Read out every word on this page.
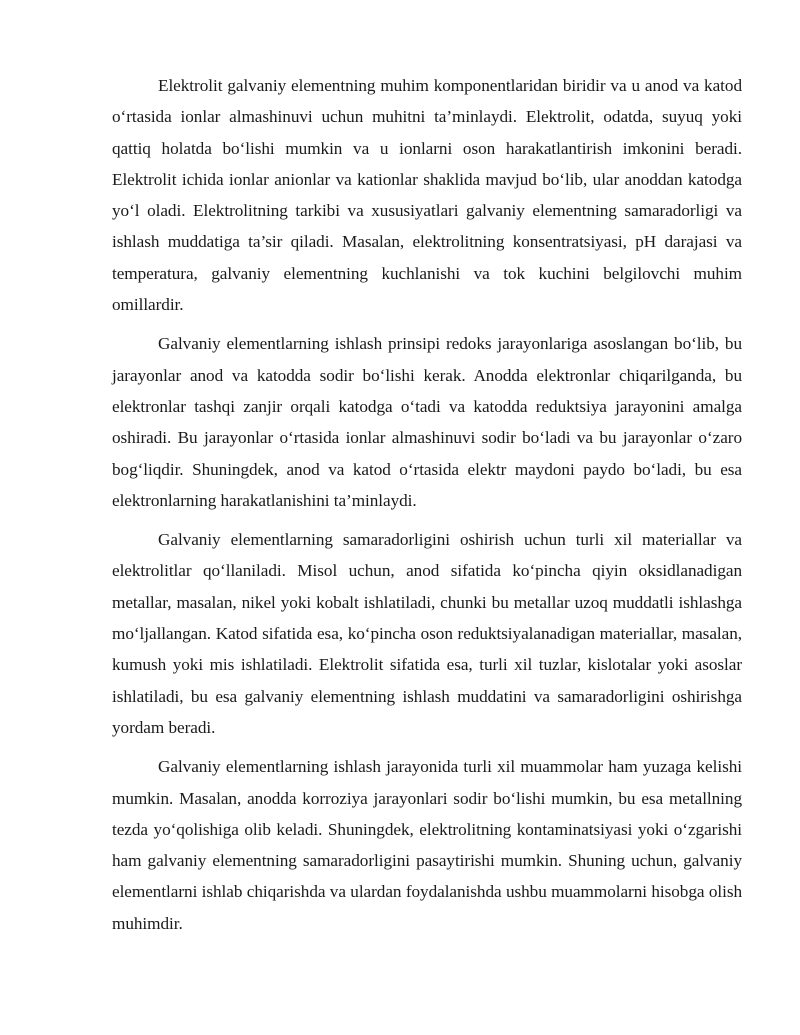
Elektrolit galvaniy elementning muhim komponentlaridan biridir va u anod va katod o‘rtasida ionlar almashinuvi uchun muhitni ta’minlaydi. Elektrolit, odatda, suyuq yoki qattiq holatda bo‘lishi mumkin va u ionlarni oson harakatlantirish imkonini beradi. Elektrolit ichida ionlar anionlar va kationlar shaklida mavjud bo‘lib, ular anoddan katodga yo‘l oladi. Elektrolitning tarkibi va xususiyatlari galvaniy elementning samaradorligi va ishlash muddatiga ta’sir qiladi. Masalan, elektrolitning konsentratsiyasi, pH darajasi va temperatura, galvaniy elementning kuchlanishi va tok kuchini belgilovchi muhim omillardir.

Galvaniy elementlarning ishlash prinsipi redoks jarayonlariga asoslangan bo‘lib, bu jarayonlar anod va katodda sodir bo‘lishi kerak. Anodda elektronlar chiqarilganda, bu elektronlar tashqi zanjir orqali katodga o‘tadi va katodda reduktsiya jarayonini amalga oshiradi. Bu jarayonlar o‘rtasida ionlar almashinuvi sodir bo‘ladi va bu jarayonlar o‘zaro bog‘liqdir. Shuningdek, anod va katod o‘rtasida elektr maydoni paydo bo‘ladi, bu esa elektronlarning harakatlanishini ta’minlaydi.

Galvaniy elementlarning samaradorligini oshirish uchun turli xil materiallar va elektrolitlar qo‘llaniladi. Misol uchun, anod sifatida ko‘pincha qiyin oksidlanadigan metallar, masalan, nikel yoki kobalt ishlatiladi, chunki bu metallar uzoq muddatli ishlashga mo‘ljallangan. Katod sifatida esa, ko‘pincha oson reduktsiyalanadigan materiallar, masalan, kumush yoki mis ishlatiladi. Elektrolit sifatida esa, turli xil tuzlar, kislotalar yoki asoslar ishlatiladi, bu esa galvaniy elementning ishlash muddatini va samaradorligini oshirishga yordam beradi.

Galvaniy elementlarning ishlash jarayonida turli xil muammolar ham yuzaga kelishi mumkin. Masalan, anodda korroziya jarayonlari sodir bo‘lishi mumkin, bu esa metallning tezda yo‘qolishiga olib keladi. Shuningdek, elektrolitning kontaminatsiyasi yoki o‘zgarishi ham galvaniy elementning samaradorligini pasaytirishi mumkin. Shuning uchun, galvaniy elementlarni ishlab chiqarishda va ulardan foydalanishda ushbu muammolarni hisobga olish muhimdir.
